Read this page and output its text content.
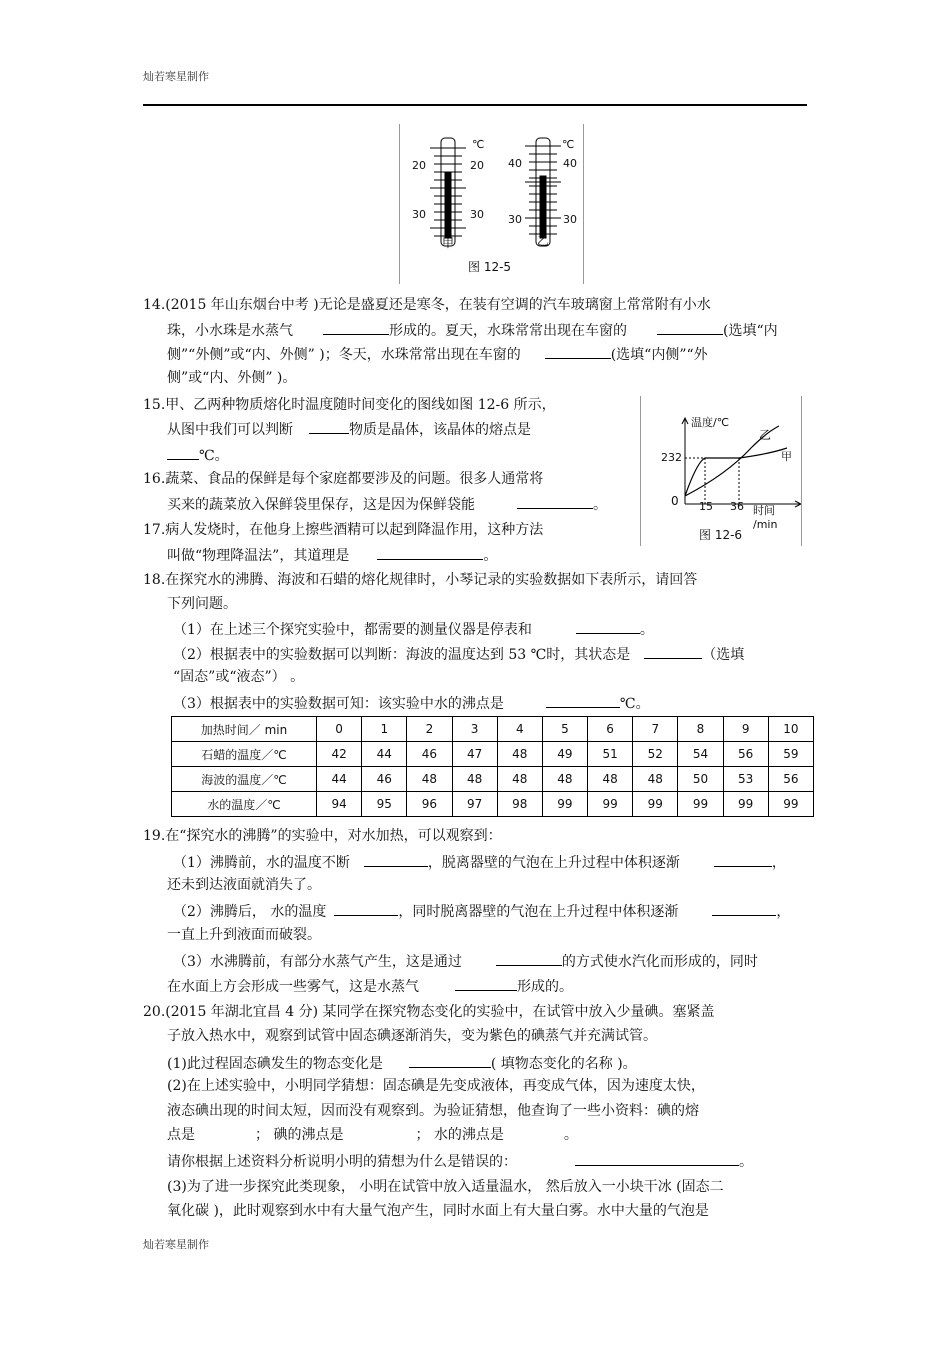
灿若寒星制作
℃
20	20
30	30
甲
℃
40	40
30	30
乙
图 12-5
14.(2015 年山东烟台中考 )无论是盛夏还是寒冬，在装有空调的汽车玻璃窗上常常附有小水
珠，小水珠是水蒸气	形成的。夏天，水珠常常出现在车窗的	(选填“内
侧”“外侧”或“内、外侧” )；冬天，水珠常常出现在车窗的	(选填“内侧”“外
侧”或“内、外侧” )。
温度/℃
232
0 15 36 时间 /min
乙
甲
图 12-6
15.甲、乙两种物质熔化时温度随时间变化的图线如图 12-6 所示，
从图中我们可以判断	物质是晶体，该晶体的熔点是
℃。
16.蔬菜、食品的保鲜是每个家庭都要涉及的问题。很多人通常将
买来的蔬菜放入保鲜袋里保存，这是因为保鲜袋能	。
17.病人发烧时，在他身上擦些酒精可以起到降温作用，这种方法
叫做“物理降温法”，其道理是	。
18.在探究水的沸腾、海波和石蜡的熔化规律时，小琴记录的实验数据如下表所示，请回答
下列问题。
（1）在上述三个探究实验中，都需要的测量仪器是停表和	。
（2）根据表中的实验数据可以判断：海波的温度达到 53 ℃时，其状态是	（选填
“固态”或“液态”） 。
（3）根据表中的实验数据可知：该实验中水的沸点是	℃。
加热时间／ min	0	1	2	3	4	5	6	7	8	9	10
石蜡的温度／℃	42	44	46	47	48	49	51	52	54	56	59
海波的温度／℃	44	46	48	48	48	48	48	48	50	53	56
水的温度／℃	94	95	96	97	98	99	99	99	99	99	99
19.在“探究水的沸腾”的实验中，对水加热，可以观察到：
（1）沸腾前，水的温度不断	，脱离器壁的气泡在上升过程中体积逐渐	，
还未到达液面就消失了。
（2）沸腾后， 水的温度	，同时脱离器壁的气泡在上升过程中体积逐渐	，
一直上升到液面而破裂。
（3）水沸腾前，有部分水蒸气产生，这是通过	的方式使水汽化而形成的，同时
在水面上方会形成一些雾气，这是水蒸气	形成的。
20.(2015 年湖北宜昌 4 分) 某同学在探究物态变化的实验中，在试管中放入少量碘。塞紧盖
子放入热水中，观察到试管中固态碘逐渐消失，变为紫色的碘蒸气并充满试管。
(1)此过程固态碘发生的物态变化是	( 填物态变化的名称 )。
(2)在上述实验中，小明同学猜想：固态碘是先变成液体，再变成气体，因为速度太快，
液态碘出现的时间太短，因而没有观察到。为验证猜想，他查询了一些小资料：碘的熔
点是	； 碘的沸点是	； 水的沸点是	。
请你根据上述资料分析说明小明的猜想为什么是错误的：	。
(3)为了进一步探究此类现象， 小明在试管中放入适量温水， 然后放入一小块干冰 (固态二
氧化碳 )，此时观察到水中有大量气泡产生，同时水面上有大量白雾。水中大量的气泡是
灿若寒星制作
